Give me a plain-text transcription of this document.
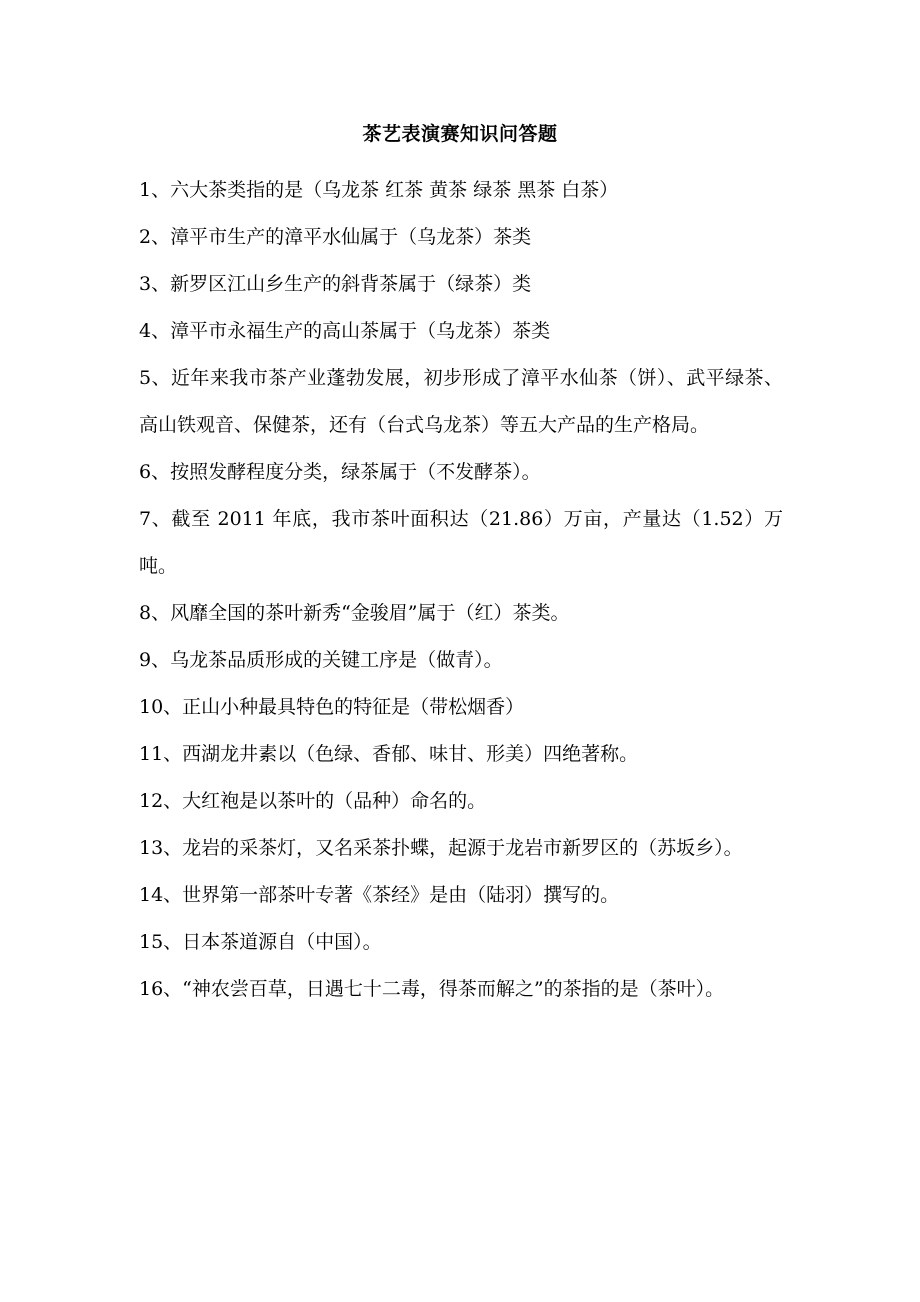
茶艺表演赛知识问答题

1、六大茶类指的是（乌龙茶 红茶 黄茶 绿茶 黑茶 白茶）

2、漳平市生产的漳平水仙属于（乌龙茶）茶类

3、新罗区江山乡生产的斜背茶属于（绿茶）类

4、漳平市永福生产的高山茶属于（乌龙茶）茶类

5、近年来我市茶产业蓬勃发展，初步形成了漳平水仙茶（饼）、武平绿茶、高山铁观音、保健茶，还有（台式乌龙茶）等五大产品的生产格局。

6、按照发酵程度分类，绿茶属于（不发酵茶）。

7、截至 2011 年底，我市茶叶面积达（21.86）万亩，产量达（1.52）万吨。

8、风靡全国的茶叶新秀“金骏眉”属于（红）茶类。

9、乌龙茶品质形成的关键工序是（做青）。

10、正山小种最具特色的特征是（带松烟香）

11、西湖龙井素以（色绿、香郁、味甘、形美）四绝著称。

12、大红袍是以茶叶的（品种）命名的。

13、龙岩的采茶灯，又名采茶扑蝶，起源于龙岩市新罗区的（苏坂乡）。

14、世界第一部茶叶专著《茶经》是由（陆羽）撰写的。

15、日本茶道源自（中国）。

16、“神农尝百草，日遇七十二毒，得茶而解之”的茶指的是（茶叶）。
